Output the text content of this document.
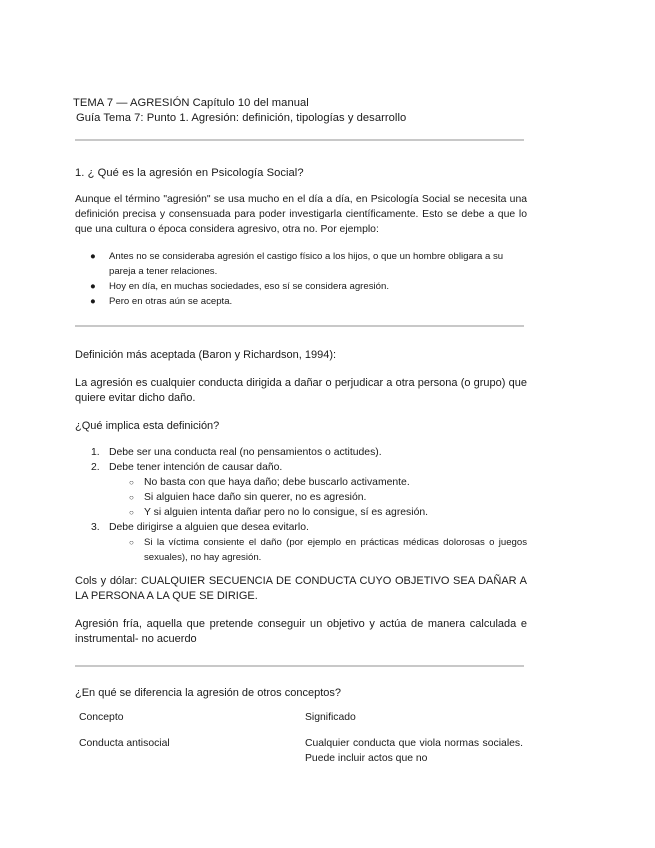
TEMA 7 — AGRESIÓN Capítulo 10 del manual
Guía Tema 7: Punto 1. Agresión: definición, tipologías y desarrollo
1. ¿ Qué es la agresión en Psicología Social?
Aunque el término "agresión" se usa mucho en el día a día, en Psicología Social se necesita una definición precisa y consensuada para poder investigarla científicamente. Esto se debe a que lo que una cultura o época considera agresivo, otra no. Por ejemplo:
● Antes no se consideraba agresión el castigo físico a los hijos, o que un hombre obligara a su pareja a tener relaciones.
● Hoy en día, en muchas sociedades, eso sí se considera agresión.
● Pero en otras aún se acepta.
Definición más aceptada (Baron y Richardson, 1994):
La agresión es cualquier conducta dirigida a dañar o perjudicar a otra persona (o grupo) que quiere evitar dicho daño.
¿Qué implica esta definición?
1. Debe ser una conducta real (no pensamientos o actitudes).
2. Debe tener intención de causar daño.
○ No basta con que haya daño; debe buscarlo activamente.
○ Si alguien hace daño sin querer, no es agresión.
○ Y si alguien intenta dañar pero no lo consigue, sí es agresión.
3. Debe dirigirse a alguien que desea evitarlo.
○ Si la víctima consiente el daño (por ejemplo en prácticas médicas dolorosas o juegos sexuales), no hay agresión.
Cols y dólar: CUALQUIER SECUENCIA DE CONDUCTA CUYO OBJETIVO SEA DAÑAR A LA PERSONA A LA QUE SE DIRIGE.
Agresión fría, aquella que pretende conseguir un objetivo y actúa de manera calculada e instrumental- no acuerdo
¿En qué se diferencia la agresión de otros conceptos?
Concepto	Significado
Conducta antisocial	Cualquier conducta que viola normas sociales. Puede incluir actos que no
